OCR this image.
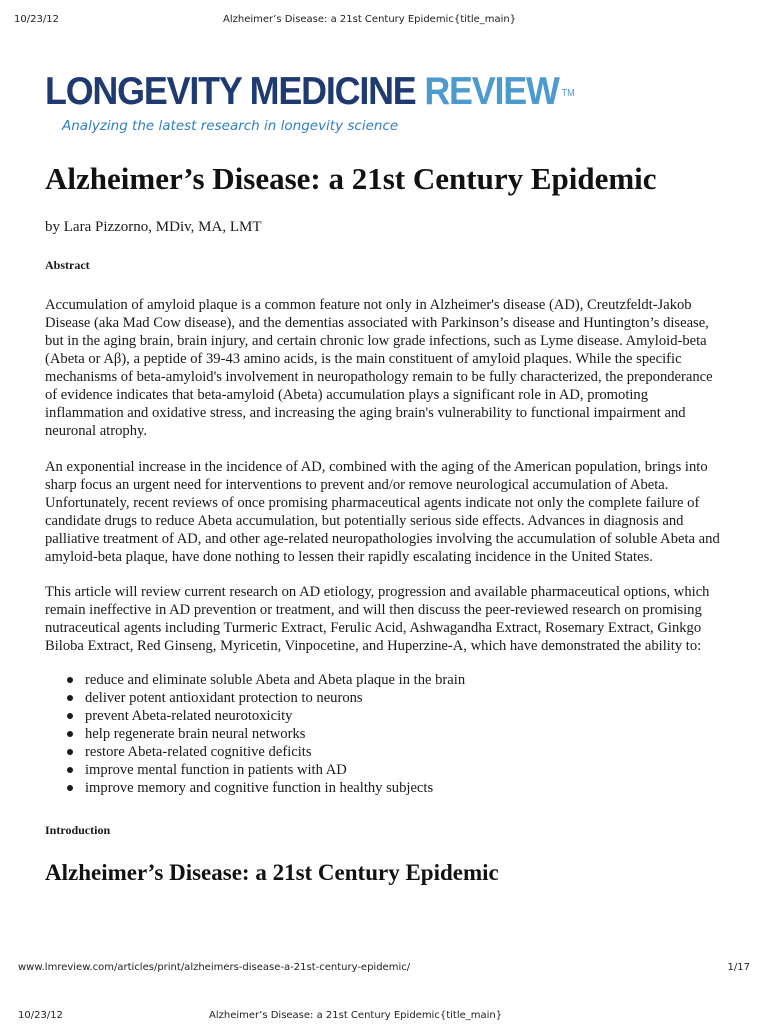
10/23/12	Alzheimer’s Disease: a 21st Century Epidemic{title_main}
LONGEVITY MEDICINE REVIEW ™
Analyzing the latest research in longevity science
Alzheimer’s Disease: a 21st Century Epidemic
by Lara Pizzorno, MDiv, MA, LMT
Abstract

Accumulation of amyloid plaque is a common feature not only in Alzheimer's disease (AD), Creutzfeldt-Jakob Disease (aka Mad Cow disease), and the dementias associated with Parkinson’s disease and Huntington’s disease, but in the aging brain, brain injury, and certain chronic low grade infections, such as Lyme disease. Amyloid-beta (Abeta or Aβ), a peptide of 39-43 amino acids, is the main constituent of amyloid plaques. While the specific mechanisms of beta-amyloid's involvement in neuropathology remain to be fully characterized, the preponderance of evidence indicates that beta-amyloid (Abeta) accumulation plays a significant role in AD, promoting inflammation and oxidative stress, and increasing the aging brain's vulnerability to functional impairment and neuronal atrophy.

An exponential increase in the incidence of AD, combined with the aging of the American population, brings into sharp focus an urgent need for interventions to prevent and/or remove neurological accumulation of Abeta. Unfortunately, recent reviews of once promising pharmaceutical agents indicate not only the complete failure of candidate drugs to reduce Abeta accumulation, but potentially serious side effects. Advances in diagnosis and palliative treatment of AD, and other age-related neuropathologies involving the accumulation of soluble Abeta and amyloid-beta plaque, have done nothing to lessen their rapidly escalating incidence in the United States.

This article will review current research on AD etiology, progression and available pharmaceutical options, which remain ineffective in AD prevention or treatment, and will then discuss the peer-reviewed research on promising nutraceutical agents including Turmeric Extract, Ferulic Acid, Ashwagandha Extract, Rosemary Extract, Ginkgo Biloba Extract, Red Ginseng, Myricetin, Vinpocetine, and Huperzine-A, which have demonstrated the ability to:

reduce and eliminate soluble Abeta and Abeta plaque in the brain
deliver potent antioxidant protection to neurons
prevent Abeta-related neurotoxicity
help regenerate brain neural networks
restore Abeta-related cognitive deficits
improve mental function in patients with AD
improve memory and cognitive function in healthy subjects
Introduction
Alzheimer’s Disease: a 21st Century Epidemic
www.lmreview.com/articles/print/alzheimers-disease-a-21st-century-epidemic/	1/17
10/23/12	Alzheimer’s Disease: a 21st Century Epidemic{title_main}
